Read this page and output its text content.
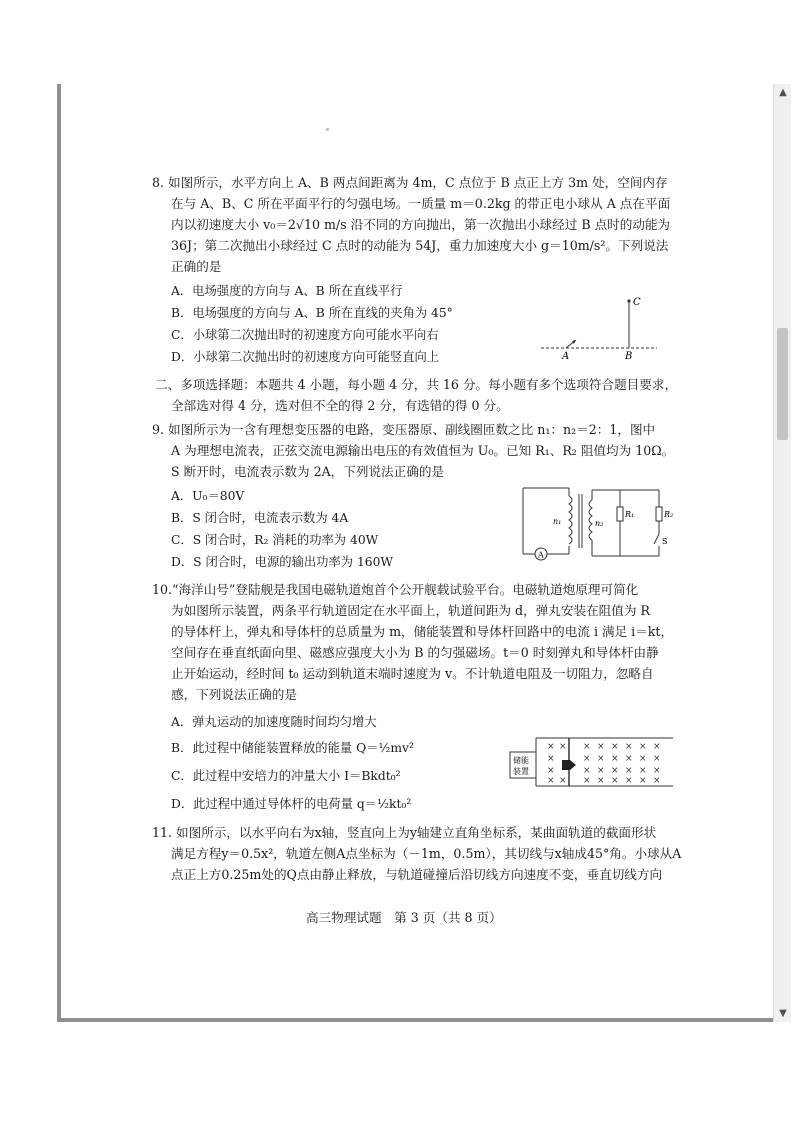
8. 如图所示，水平方向上 A、B 两点间距离为 4m，C 点位于 B 点正上方 3m 处，空间内存
在与 A、B、C 所在平面平行的匀强电场。一质量 m＝0.2kg 的带正电小球从 A 点在平面
内以初速度大小 v₀＝2√10 m/s 沿不同的方向抛出，第一次抛出小球经过 B 点时的动能为
36J；第二次抛出小球经过 C 点时的动能为 54J，重力加速度大小 g＝10m/s²。下列说法
正确的是
A．电场强度的方向与 A、B 所在直线平行
B．电场强度的方向与 A、B 所在直线的夹角为 45°
C．小球第二次抛出时的初速度方向可能水平向右
D．小球第二次抛出时的初速度方向可能竖直向上
C
A	B
二、多项选择题：本题共 4 小题，每小题 4 分，共 16 分。每小题有多个选项符合题目要求，
全部选对得 4 分，选对但不全的得 2 分，有选错的得 0 分。
9. 如图所示为一含有理想变压器的电路，变压器原、副线圈匝数之比 n₁：n₂＝2：1，图中
A 为理想电流表，正弦交流电源输出电压的有效值恒为 U₀。已知 R₁、R₂ 阻值均为 10Ω。
S 断开时，电流表示数为 2A，下列说法正确的是
A．U₀＝80V
B．S 闭合时，电流表示数为 4A
C．S 闭合时，R₂ 消耗的功率为 40W
D．S 闭合时，电源的输出功率为 160W	A
n₁	n₂
R₁	R₂
S
10.“海洋山号”登陆舰是我国电磁轨道炮首个公开舰载试验平台。电磁轨道炮原理可简化
为如图所示装置，两条平行轨道固定在水平面上，轨道间距为 d，弹丸安装在阻值为 R
的导体杆上，弹丸和导体杆的总质量为 m，储能装置和导体杆回路中的电流 i 满足 i＝kt，
空间存在垂直纸面向里、磁感应强度大小为 B 的匀强磁场。t＝0 时刻弹丸和导体杆由静
止开始运动，经时间 t₀ 运动到轨道末端时速度为 v。不计轨道电阻及一切阻力，忽略自
感，下列说法正确的是
A．弹丸运动的加速度随时间均匀增大
B．此过程中储能装置释放的能量 Q＝½mv²
C．此过程中安培力的冲量大小 I＝Bkdt₀²
D．此过程中通过导体杆的电荷量 q＝½kt₀²
储能
装置
× × × × × × × ×
×	× × × × × ×
×	× × × × × ×
× × × × × × × ×
11. 如图所示，以水平向右为x轴，竖直向上为y轴建立直角坐标系，某曲面轨道的截面形状
满足方程y＝0.5x²，轨道左侧A点坐标为（－1m，0.5m），其切线与x轴成45°角。小球从A
点正上方0.25m处的Q点由静止释放，与轨道碰撞后沿切线方向速度不变，垂直切线方向
高三物理试题　第 3 页（共 8 页）
▲
▼
